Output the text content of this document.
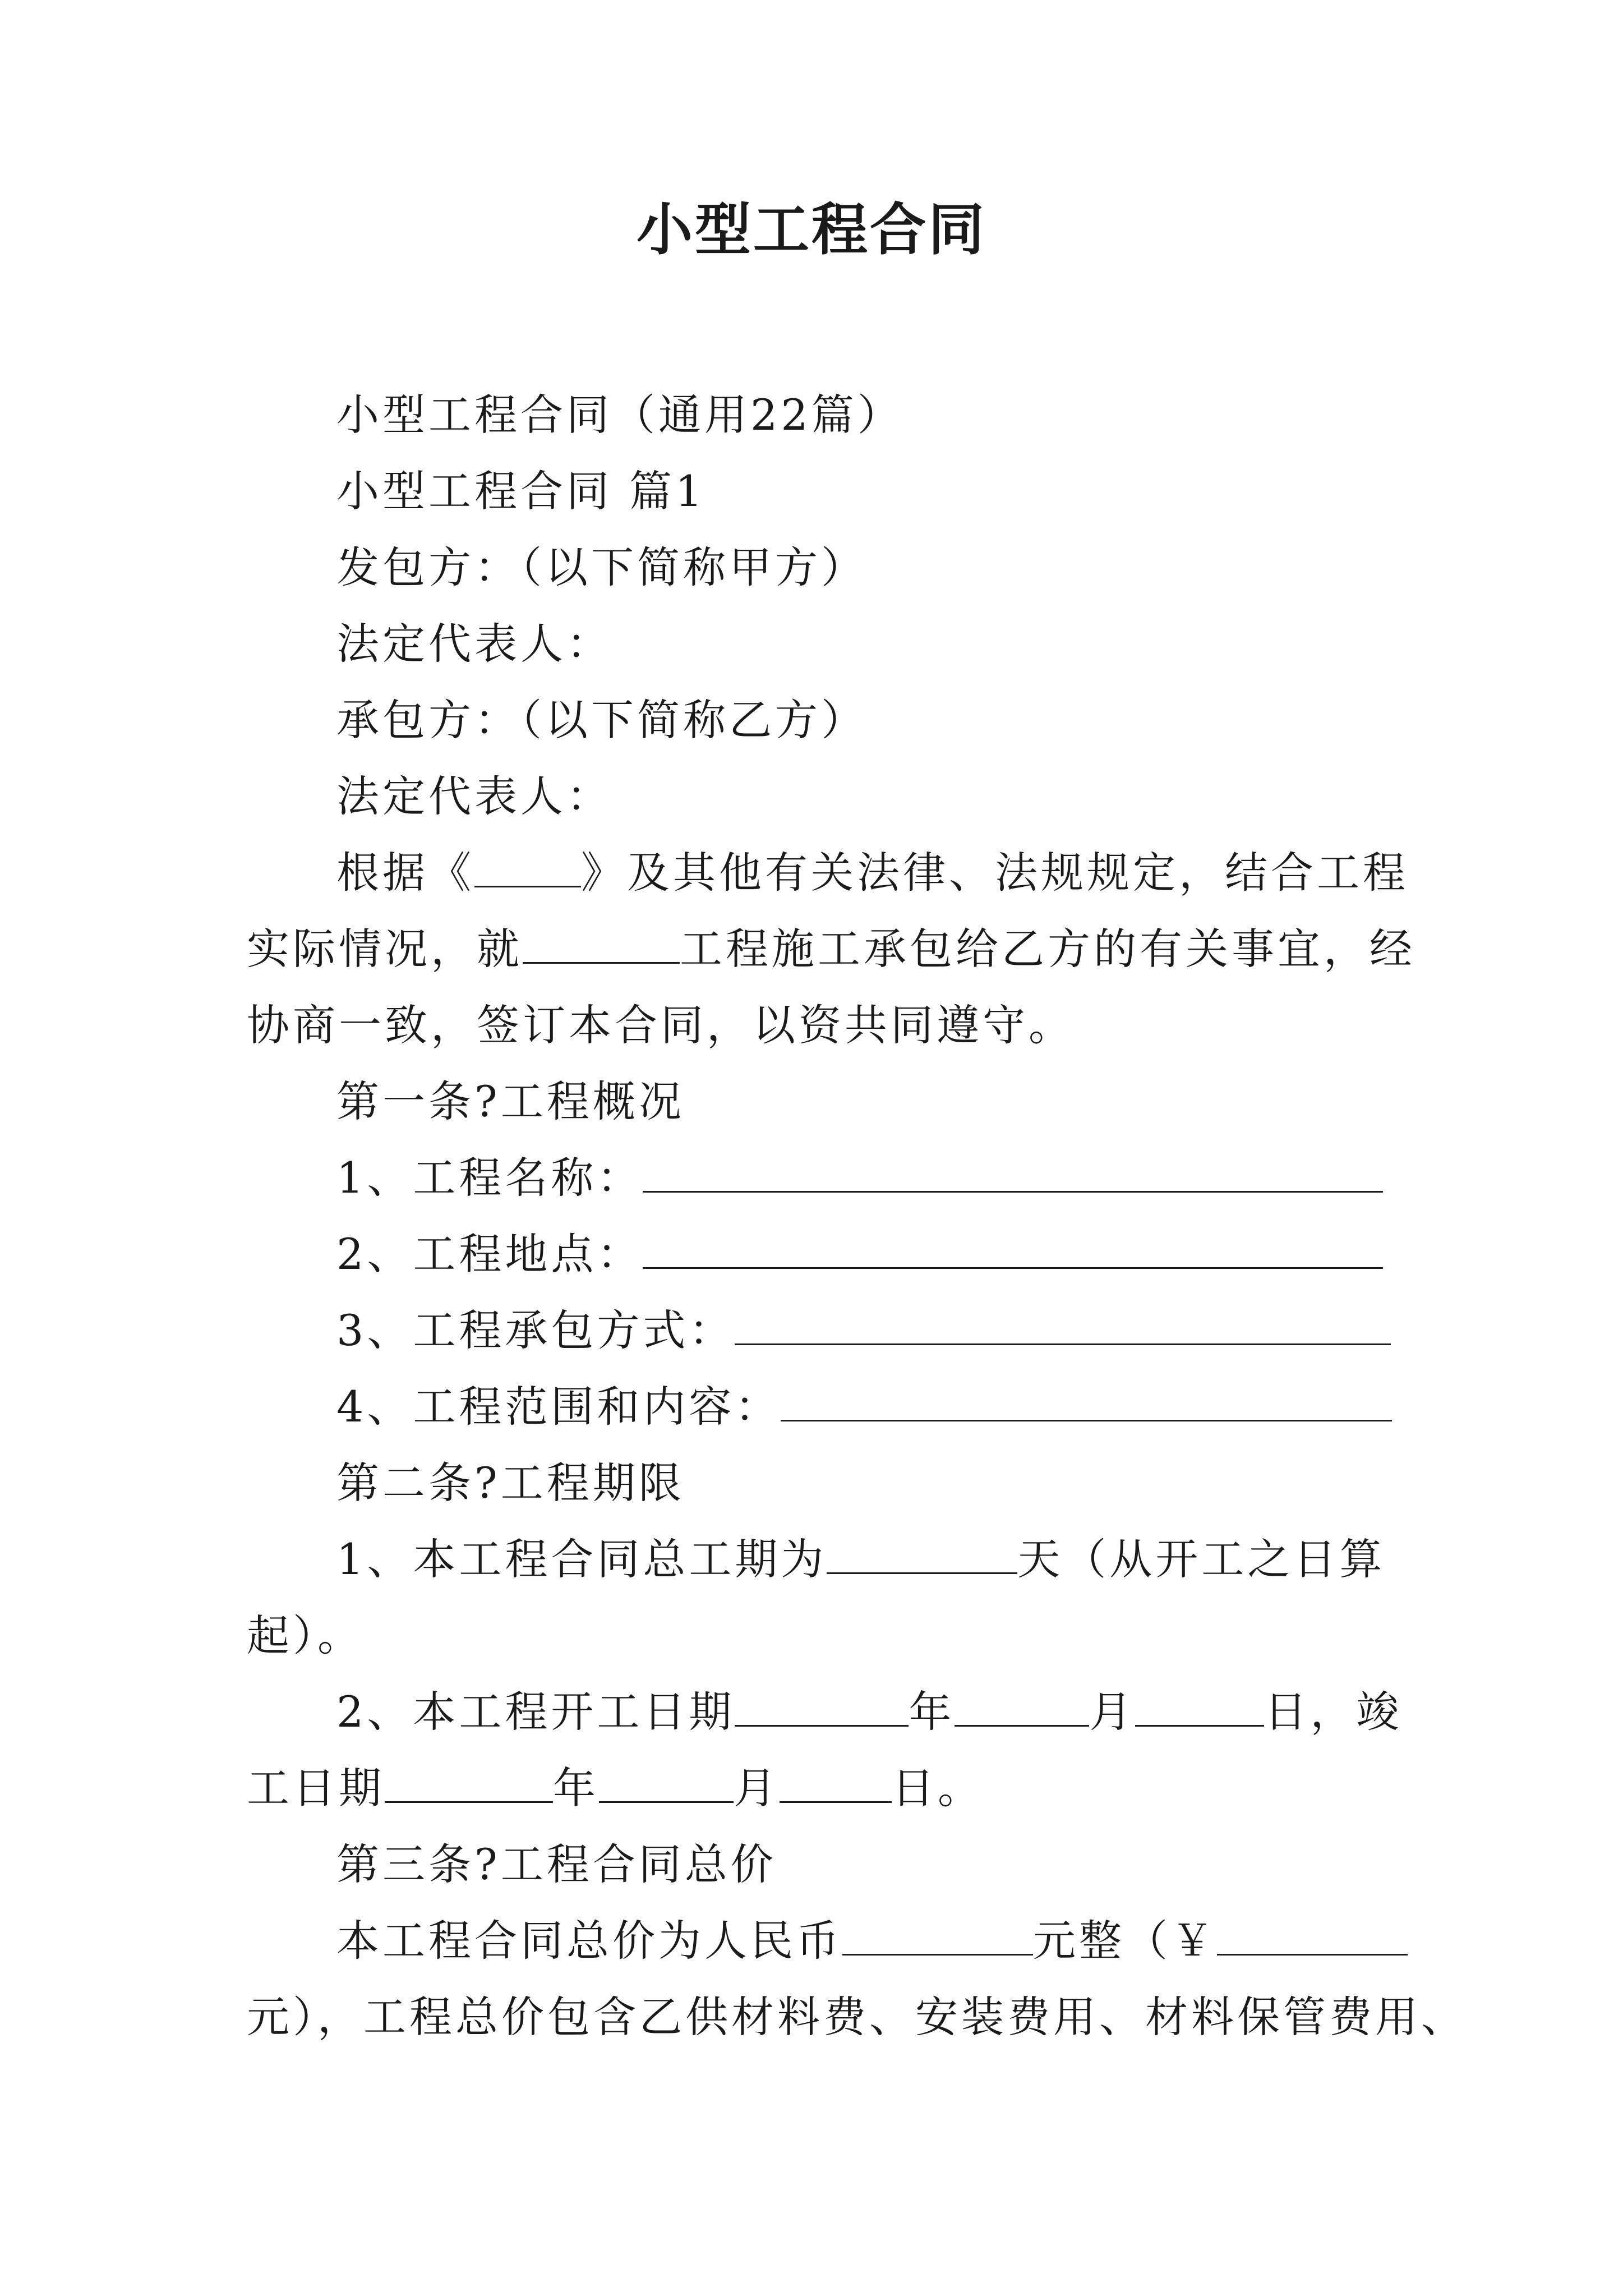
小型工程合同
小型工程合同（通用22篇）
小型工程合同 篇1
发包方：（以下简称甲方）
法定代表人：
承包方：（以下简称乙方）
法定代表人：
根据《	》及其他有关法律、法规规定，结合工程
实际情况，就	工程施工承包给乙方的有关事宜，经
协商一致，签订本合同，以资共同遵守。
第一条?工程概况
1、工程名称：
2、工程地点：
3、工程承包方式：
4、工程范围和内容：
第二条?工程期限
1、本工程合同总工期为	天（从开工之日算
起）。
2、本工程开工日期	年	月	日，竣
工日期	年	月	日。
第三条?工程合同总价
本工程合同总价为人民币	元整（￥
元），工程总价包含乙供材料费、安装费用、材料保管费用、
